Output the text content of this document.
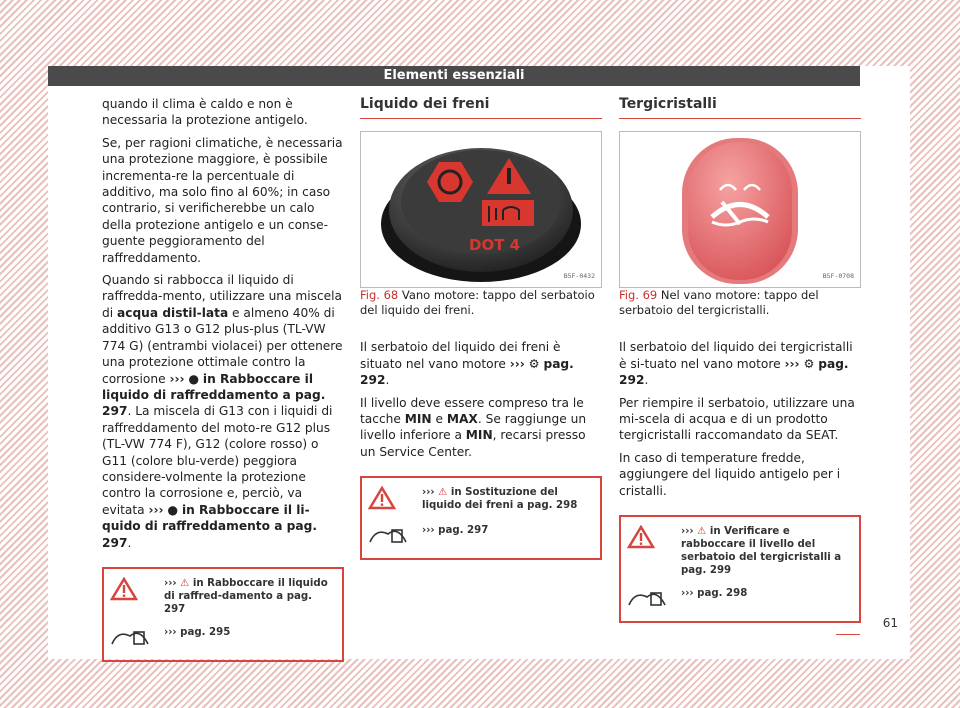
Elementi essenziali

quando il clima è caldo e non è necessaria la protezione antigelo.

Se, per ragioni climatiche, è necessaria una protezione maggiore, è possibile incrementa-re la percentuale di additivo, ma solo fino al 60%; in caso contrario, si verificherebbe un calo della protezione antigelo e un conse-guente peggioramento del raffreddamento.

Quando si rabbocca il liquido di raffredda-mento, utilizzare una miscela di acqua distil-lata e almeno 40% di additivo G13 o G12 plus-plus (TL-VW 774 G) (entrambi violacei) per ottenere una protezione ottimale contro la corrosione ››› ● in Rabboccare il liquido di raffreddamento a pag. 297. La miscela di G13 con i liquidi di raffreddamento del moto-re G12 plus (TL-VW 774 F), G12 (colore rosso) o G11 (colore blu-verde) peggiora considere-volmente la protezione contro la corrosione e, perciò, va evitata ››› ● in Rabboccare il li-quido di raffreddamento a pag. 297.

››› ⚠ in Rabboccare il liquido di raffred-damento a pag. 297
››› pag. 295
Liquido dei freni
DOT 4
B5F-0432

Fig. 68 Vano motore: tappo del serbatoio del liquido dei freni.

Il serbatoio del liquido dei freni è situato nel vano motore ››› ⚙ pag. 292.

Il livello deve essere compreso tra le tacche MIN e MAX. Se raggiunge un livello inferiore a MIN, recarsi presso un Service Center.

››› ⚠ in Sostituzione del liquido dei freni a pag. 298
››› pag. 297
Tergicristalli
B5F-0708

Fig. 69 Nel vano motore: tappo del serbatoio del tergicristalli.

Il serbatoio del liquido dei tergicristalli è si-tuato nel vano motore ››› ⚙ pag. 292.

Per riempire il serbatoio, utilizzare una mi-scela di acqua e di un prodotto tergicristalli raccomandato da SEAT.

In caso di temperature fredde, aggiungere del liquido antigelo per i cristalli.

››› ⚠ in Verificare e rabboccare il livello del serbatoio del tergicristalli a pag. 299
››› pag. 298
61
